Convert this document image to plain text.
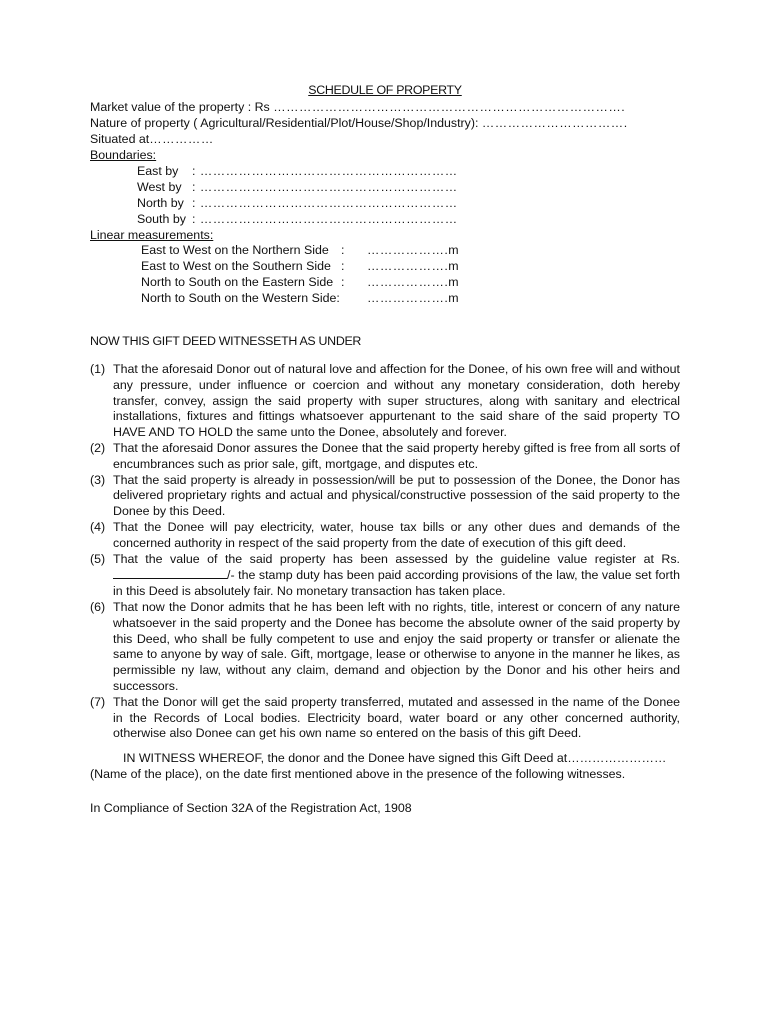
SCHEDULE OF PROPERTY
Market value of the property : Rs ……………………………………………………………………….
Nature of property ( Agricultural/Residential/Plot/House/Shop/Industry): …………………………….
Situated at……………
Boundaries:
East by : ……………………………………………………
West by : ……………………………………………………
North by : ……………………………………………………
South by : ……………………………………………………
Linear measurements:
East to West on the Northern Side : ……………….m
East to West on the Southern Side : ……………….m
North to South on the Eastern Side : ……………….m
North to South on the Western Side: ……………….m
NOW THIS GIFT DEED WITNESSETH AS UNDER
(1) That the aforesaid Donor out of natural love and affection for the Donee, of his own free will and without any pressure, under influence or coercion and without any monetary consideration, doth hereby transfer, convey, assign the said property with super structures, along with sanitary and electrical installations, fixtures and fittings whatsoever appurtenant to the said share of the said property TO HAVE AND TO HOLD the same unto the Donee, absolutely and forever.
(2) That the aforesaid Donor assures the Donee that the said property hereby gifted is free from all sorts of encumbrances such as prior sale, gift, mortgage, and disputes etc.
(3) That the said property is already in possession/will be put to possession of the Donee, the Donor has delivered proprietary rights and actual and physical/constructive possession of the said property to the Donee by this Deed.
(4) That the Donee will pay electricity, water, house tax bills or any other dues and demands of the concerned authority in respect of the said property from the date of execution of this gift deed.
(5) That the value of the said property has been assessed by the guideline value register at Rs. /- the stamp duty has been paid according provisions of the law, the value set forth in this Deed is absolutely fair. No monetary transaction has taken place.
(6) That now the Donor admits that he has been left with no rights, title, interest or concern of any nature whatsoever in the said property and the Donee has become the absolute owner of the said property by this Deed, who shall be fully competent to use and enjoy the said property or transfer or alienate the same to anyone by way of sale. Gift, mortgage, lease or otherwise to anyone in the manner he likes, as permissible ny law, without any claim, demand and objection by the Donor and his other heirs and successors.
(7) That the Donor will get the said property transferred, mutated and assessed in the name of the Donee in the Records of Local bodies. Electricity board, water board or any other concerned authority, otherwise also Donee can get his own name so entered on the basis of this gift Deed.
IN WITNESS WHEREOF, the donor and the Donee have signed this Gift Deed at…………………… (Name of the place), on the date first mentioned above in the presence of the following witnesses.
In Compliance of Section 32A of the Registration Act, 1908
